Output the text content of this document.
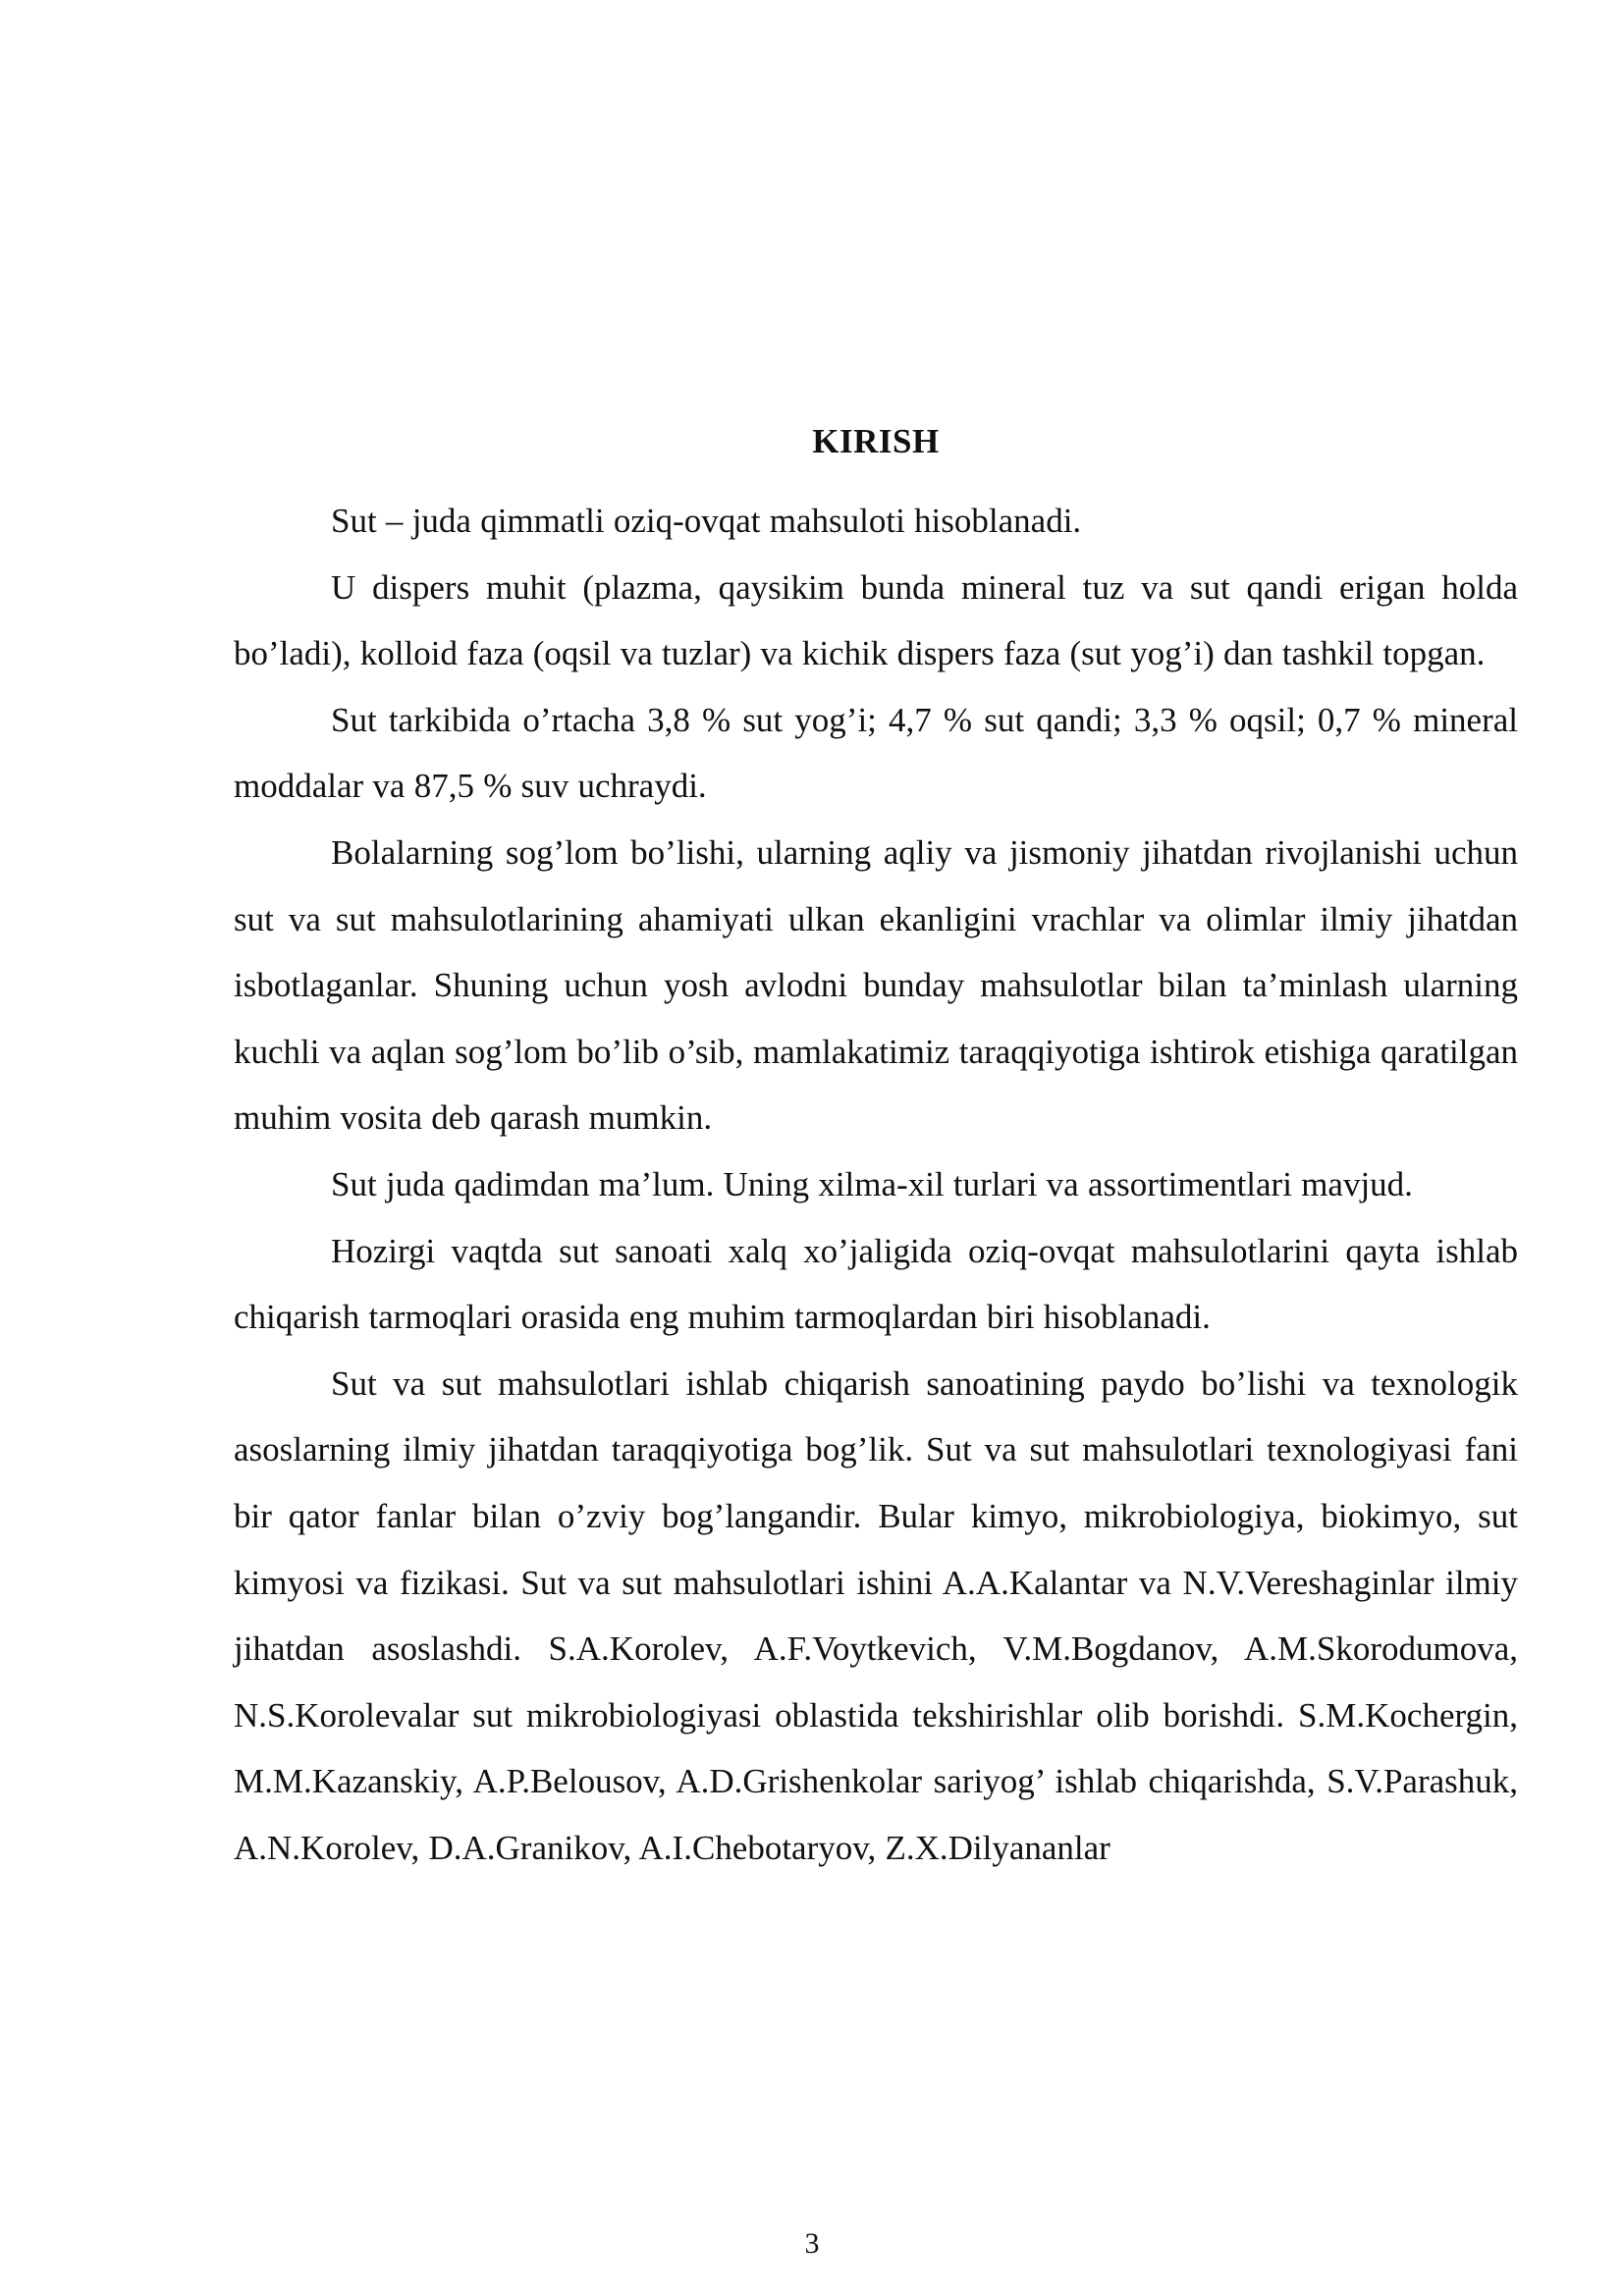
KIRISH

Sut – juda qimmatli oziq-ovqat mahsuloti hisoblanadi.

U dispers muhit (plazma, qaysikim bunda mineral tuz va sut qandi erigan holda bo’ladi), kolloid faza (oqsil va tuzlar) va kichik dispers faza (sut yog’i) dan tashkil topgan.

Sut tarkibida o’rtacha 3,8 % sut yog’i; 4,7 % sut qandi; 3,3 % oqsil; 0,7 % mineral moddalar va 87,5 % suv uchraydi.

Bolalarning sog’lom bo’lishi, ularning aqliy va jismoniy jihatdan rivojlanishi uchun sut va sut mahsulotlarining ahamiyati ulkan ekanligini vrachlar va olimlar ilmiy jihatdan isbotlaganlar. Shuning uchun yosh avlodni bunday mahsulotlar bilan ta’minlash ularning kuchli va aqlan sog’lom bo’lib o’sib, mamlakatimiz taraqqiyotiga ishtirok etishiga qaratilgan muhim vosita deb qarash mumkin.

Sut juda qadimdan ma’lum. Uning xilma-xil turlari va assortimentlari mavjud.

Hozirgi vaqtda sut sanoati xalq xo’jaligida oziq-ovqat mahsulotlarini qayta ishlab chiqarish tarmoqlari orasida eng muhim tarmoqlardan biri hisoblanadi.

Sut va sut mahsulotlari ishlab chiqarish sanoatining paydo bo’lishi va texnologik asoslarning ilmiy jihatdan taraqqiyotiga bog’lik. Sut va sut mahsulotlari texnologiyasi fani bir qator fanlar bilan o’zviy bog’langandir. Bular kimyo, mikrobiologiya, biokimyo, sut kimyosi va fizikasi. Sut va sut mahsulotlari ishini A.A.Kalantar va N.V.Vereshaginlar ilmiy jihatdan asoslashdi. S.A.Korolev, A.F.Voytkevich, V.M.Bogdanov, A.M.Skorodumova, N.S.Korolevalar sut mikrobiologiyasi oblastida tekshirishlar olib borishdi. S.M.Kochergin, M.M.Kazanskiy, A.P.Belousov, A.D.Grishenkolar sariyog’ ishlab chiqarishda, S.V.Parashuk, A.N.Korolev, D.A.Granikov, A.I.Chebotaryov, Z.X.Dilyananlar

3
